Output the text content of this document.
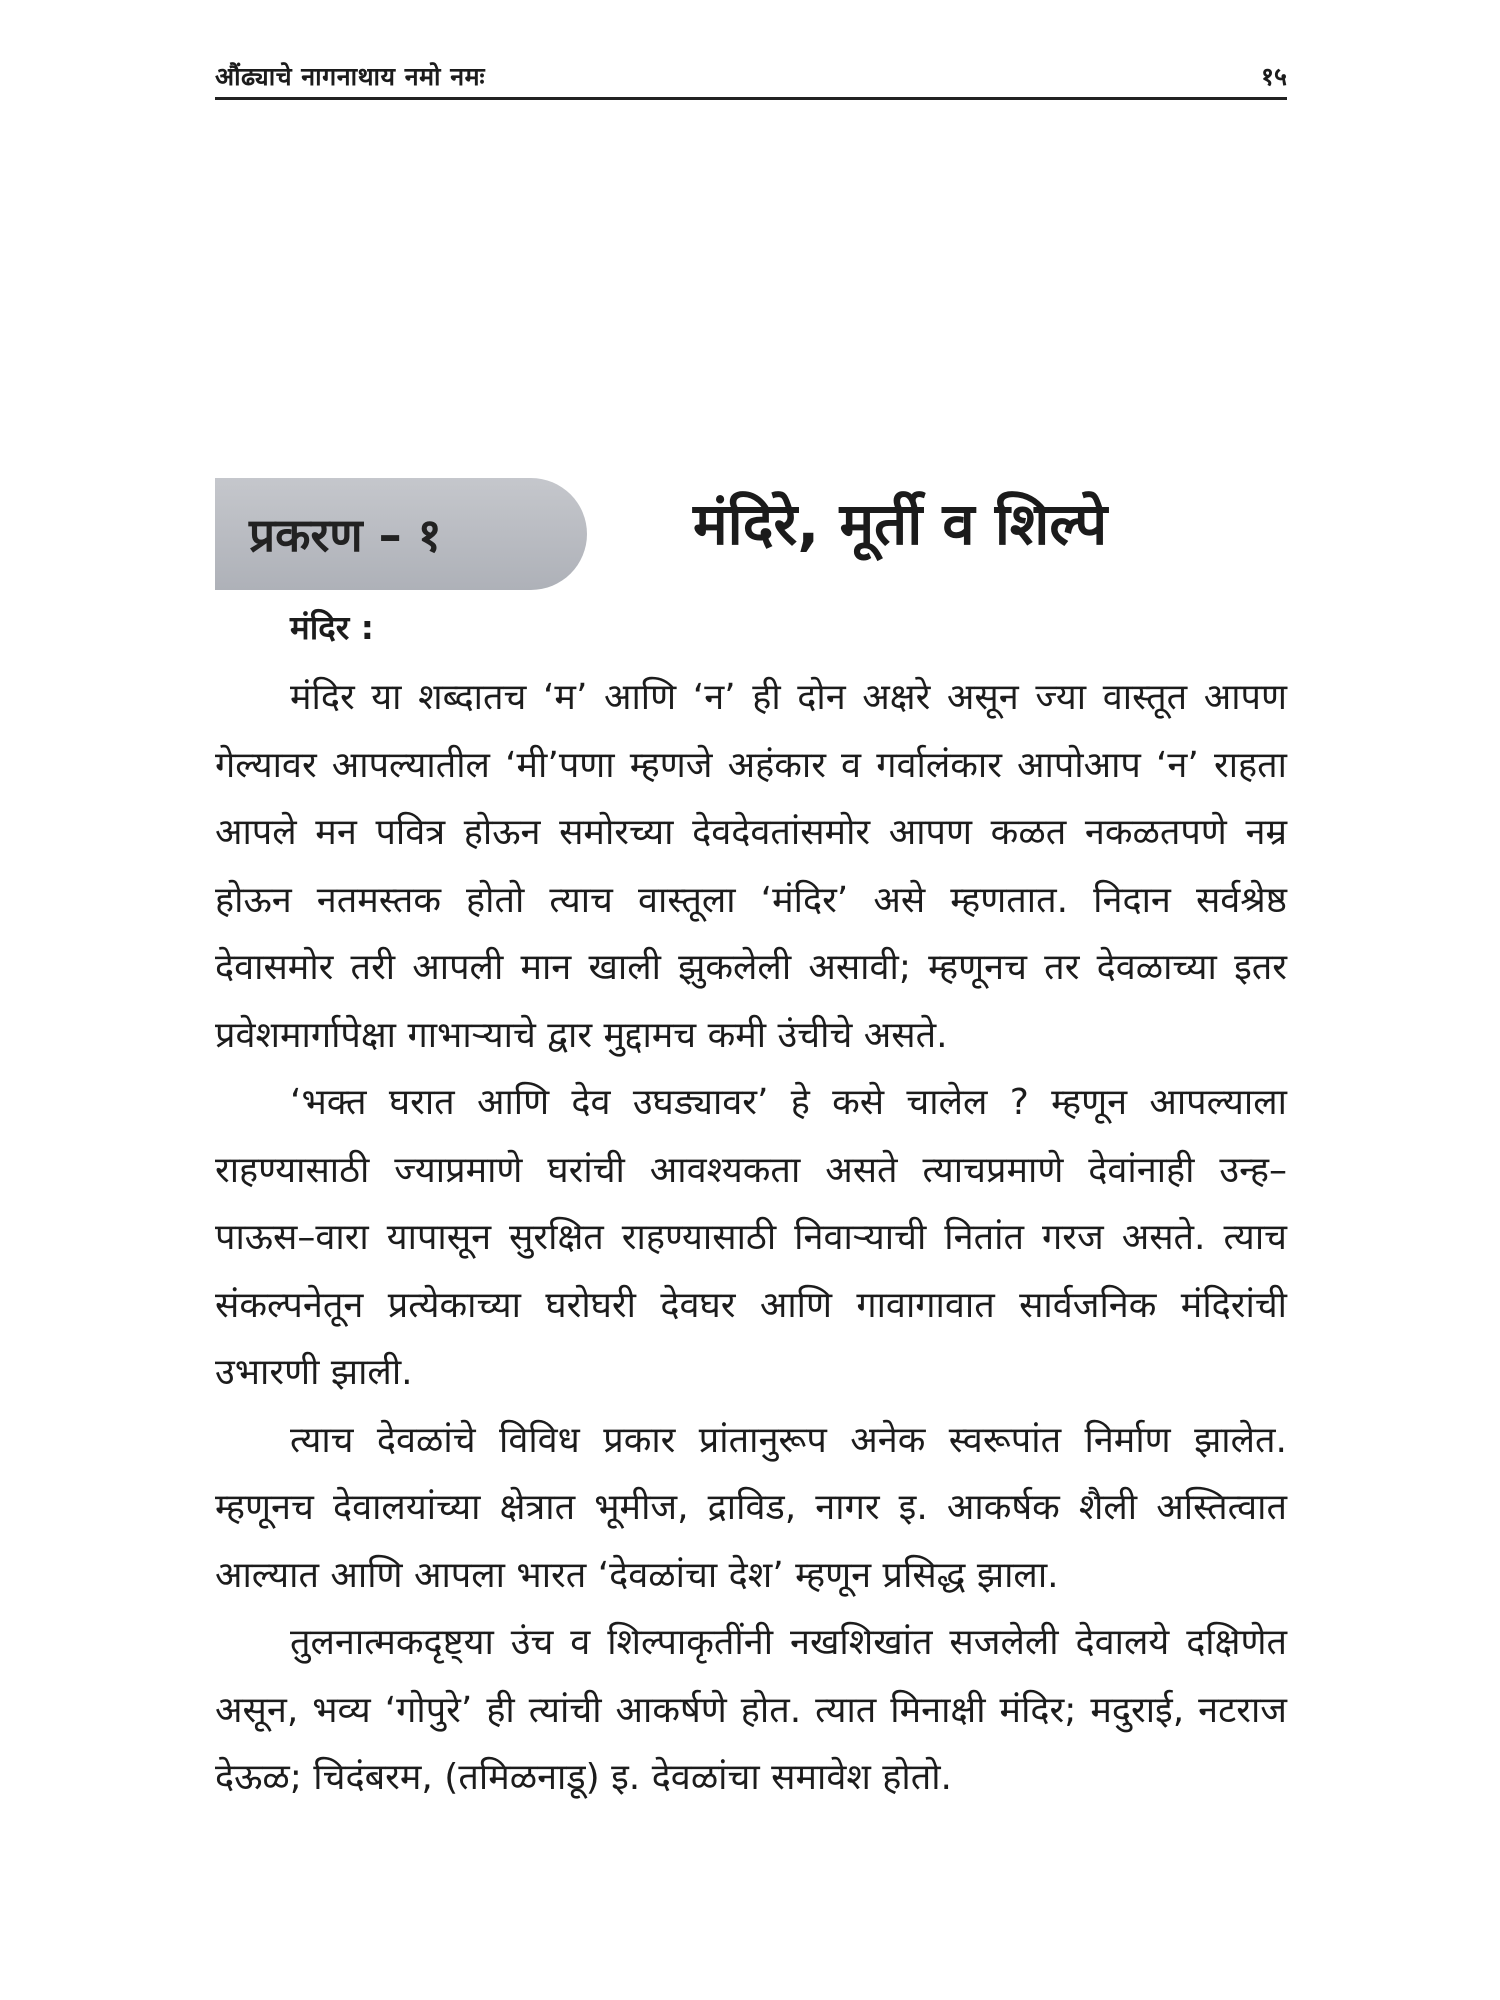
औंढ्याचे नागनाथाय नमो नमः	१५
प्रकरण – १	मंदिरे, मूर्ती व शिल्पे
मंदिर :

मंदिर या शब्दातच ‘म’ आणि ‘न’ ही दोन अक्षरे असून ज्या वास्तूत आपण गेल्यावर आपल्यातील ‘मी’पणा म्हणजे अहंकार व गर्वालंकार आपोआप ‘न’ राहता आपले मन पवित्र होऊन समोरच्या देवदेवतांसमोर आपण कळत नकळतपणे नम्र होऊन नतमस्तक होतो त्याच वास्तूला ‘मंदिर’ असे म्हणतात. निदान सर्वश्रेष्ठ देवासमोर तरी आपली मान खाली झुकलेली असावी; म्हणूनच तर देवळाच्या इतर प्रवेशमार्गापेक्षा गाभाऱ्याचे द्वार मुद्दामच कमी उंचीचे असते.

‘भक्त घरात आणि देव उघड्यावर’ हे कसे चालेल ? म्हणून आपल्याला राहण्यासाठी ज्याप्रमाणे घरांची आवश्यकता असते त्याचप्रमाणे देवांनाही उन्ह–पाऊस–वारा यापासून सुरक्षित राहण्यासाठी निवाऱ्याची नितांत गरज असते. त्याच संकल्पनेतून प्रत्येकाच्या घरोघरी देवघर आणि गावागावात सार्वजनिक मंदिरांची उभारणी झाली.

त्याच देवळांचे विविध प्रकार प्रांतानुरूप अनेक स्वरूपांत निर्माण झालेत. म्हणूनच देवालयांच्या क्षेत्रात भूमीज, द्राविड, नागर इ. आकर्षक शैली अस्तित्वात आल्यात आणि आपला भारत ‘देवळांचा देश’ म्हणून प्रसिद्ध झाला.

तुलनात्मकदृष्ट्या उंच व शिल्पाकृतींनी नखशिखांत सजलेली देवालये दक्षिणेत असून, भव्य ‘गोपुरे’ ही त्यांची आकर्षणे होत. त्यात मिनाक्षी मंदिर; मदुराई, नटराज देऊळ; चिदंबरम, (तमिळनाडू) इ. देवळांचा समावेश होतो.
